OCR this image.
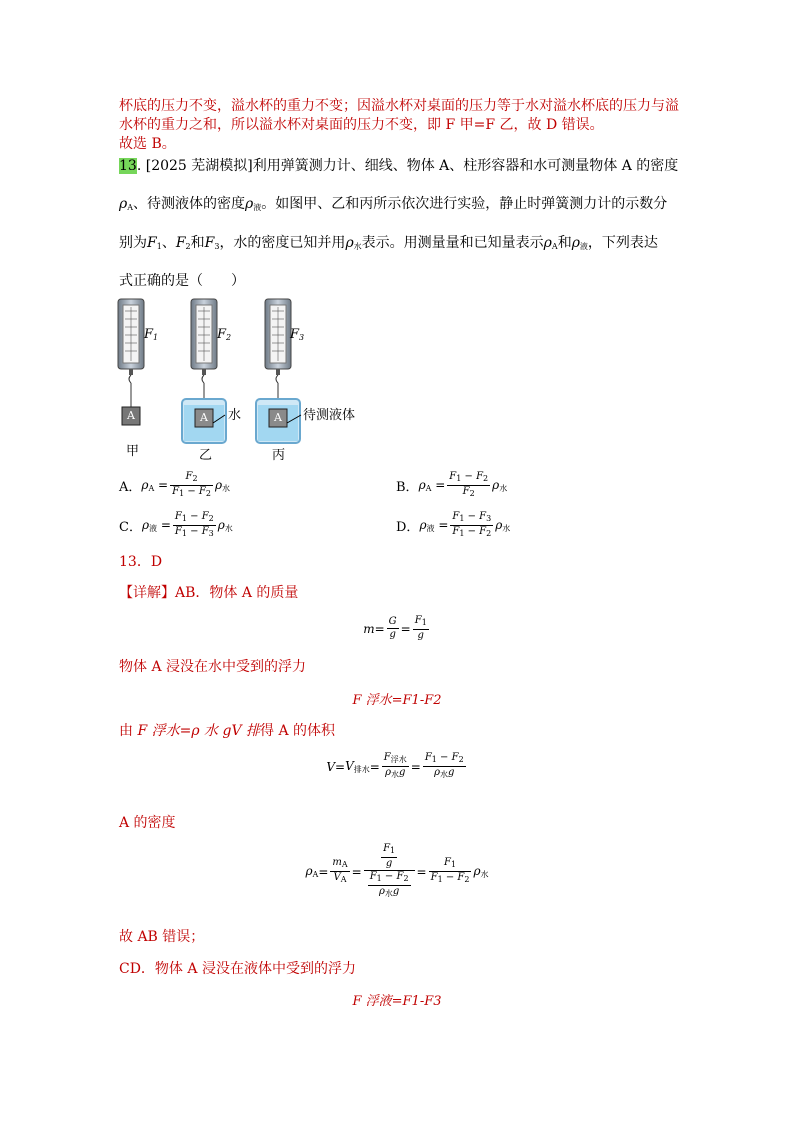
杯底的压力不变，溢水杯的重力不变；因溢水杯对桌面的压力等于水对溢水杯底的压力与溢
水杯的重力之和，所以溢水杯对桌面的压力不变，即 F 甲=F 乙，故 D 错误。
故选 B。
13. [2025 芜湖模拟]利用弹簧测力计、细线、物体 A、柱形容器和水可测量物体 A 的密度
$\rho_A$、待测液体的密度$\rho_液$。如图甲、乙和丙所示依次进行实验，静止时弹簧测力计的示数分
别为$F_1$、$F_2$和$F_3$，水的密度已知并用$\rho_水$表示。用测量量和已知量表示$\rho_A$和$\rho_液$，下列表达
式正确的是（　　）
$F_1$	$F_2$	$F_3$
A	A	A
水	待测液体
甲	乙	丙
A． $\rho_A = \frac{F_2}{F_1 - F_2} \rho_水$	B． $\rho_A = \frac{F_1 - F_2}{F_2} \rho_水$
C． $\rho_液 = \frac{F_1 - F_2}{F_1 - F_3} \rho_水$	D． $\rho_液 = \frac{F_1 - F_3}{F_1 - F_2} \rho_水$
13．D
【详解】AB．物体 A 的质量
$m = \frac{G}{g} = \frac{F_1}{g}$
物体 A 浸没在水中受到的浮力
F 浮水=F1-F2
由 F 浮水=ρ 水 gV 排得 A 的体积
$V = V_{排水} = \frac{F_{浮水}}{\rho_水g} = \frac{F_1 - F_2}{\rho_水g}$
A 的密度
$\rho_A = \frac{m_A}{V_A} = \frac{\frac{F_1}{g}}{\frac{F_1 - F_2}{\rho_水g}} = \frac{F_1}{F_1 - F_2} \rho_水$
故 AB 错误；
CD．物体 A 浸没在液体中受到的浮力
F 浮液=F1-F3
